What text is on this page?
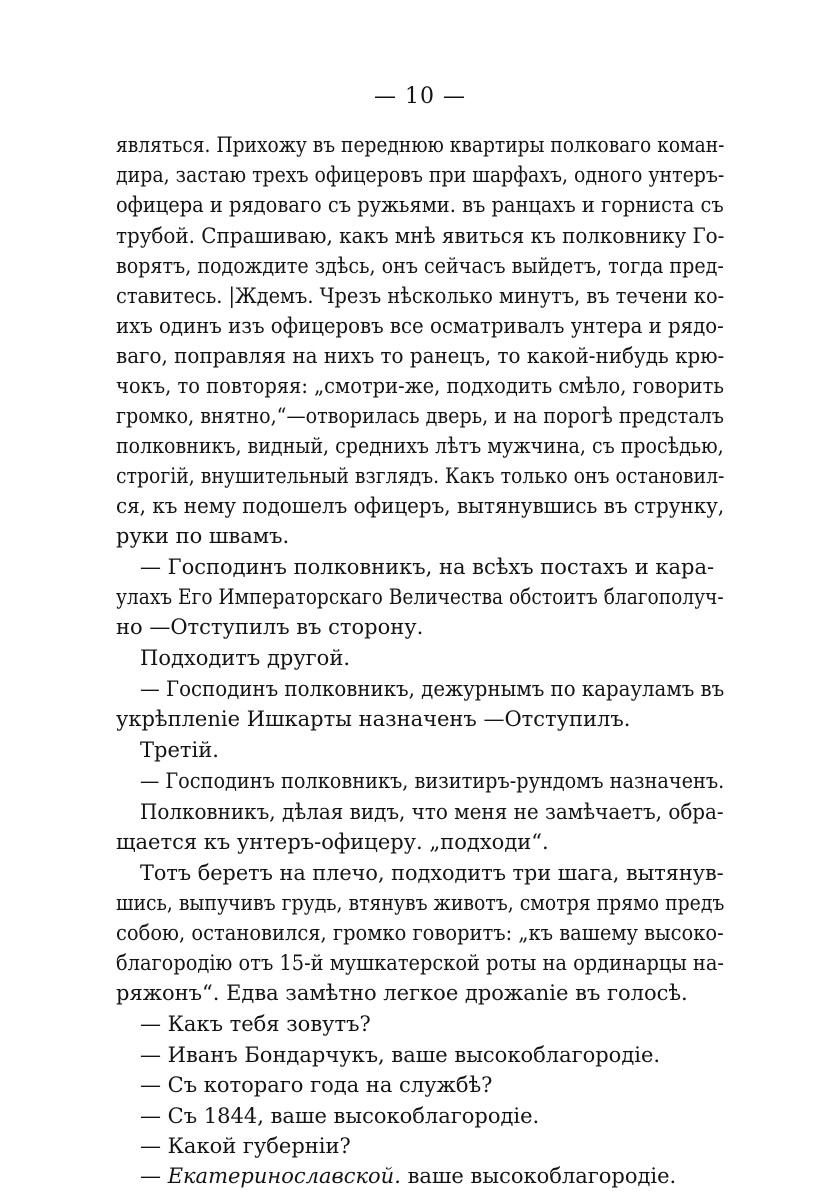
— 10 —
являться. Прихожу въ переднюю квартиры полковаго коман-
дира, застаю трехъ офицеровъ при шарфахъ, одного унтеръ-
офицера и рядоваго съ ружьями. въ ранцахъ и горниста съ
трубой. Спрашиваю, какъ мнѣ явиться къ полковнику Го-
ворятъ, подождите здѣсь, онъ сейчасъ выйдетъ, тогда пред-
ставитесь. |Ждемъ. Чрезъ нѣсколько минутъ, въ течени ко-
ихъ одинъ изъ офицеровъ все осматривалъ унтера и рядо-
ваго, поправляя на нихъ то ранецъ, то какой-нибудь крю-
чокъ, то повторяя: „смотри-же, подходить смѣло, говорить
громко, внятно,“—отворилась дверь, и на порогѣ предсталъ
полковникъ, видный, среднихъ лѣтъ мужчина, съ просѣдью,
строгій, внушительный взглядъ. Какъ только онъ остановил-
ся, къ нему подошелъ офицеръ, вытянувшись въ струнку,
руки по швамъ.
— Господинъ полковникъ, на всѣхъ постахъ и кара-
улахъ Его Императорскаго Величества обстоитъ благополуч-
но —Отступилъ въ сторону.
Подходитъ другой.
— Господинъ полковникъ, дежурнымъ по карауламъ въ
укрѣплеnie Ишкарты назначенъ —Отступилъ.
Третій.
— Господинъ полковникъ, визитиръ-рундомъ назначенъ.
Полковникъ, дѣлая видъ, что меня не замѣчаетъ, обра-
щается къ унтеръ-офицеру. „подходи“.
Тотъ беретъ на плечо, подходитъ три шага, вытянув-
шись, выпучивъ грудь, втянувъ животъ, смотря прямо предъ
собою, остановился, громко говоритъ: „къ вашему высоко-
благородію отъ 15-й мушкатерской роты на ординарцы на-
ряжонъ“. Едва замѣтно легкое дрожаnie въ голосѣ.
— Какъ тебя зовутъ?
— Иванъ Бондарчукъ, ваше высокоблагородіе.
— Съ котораго года на службѣ?
— Съ 1844, ваше высокоблагородіе.
— Какой губерніи?
— Екатеринославской. ваше высокоблагородіе.
